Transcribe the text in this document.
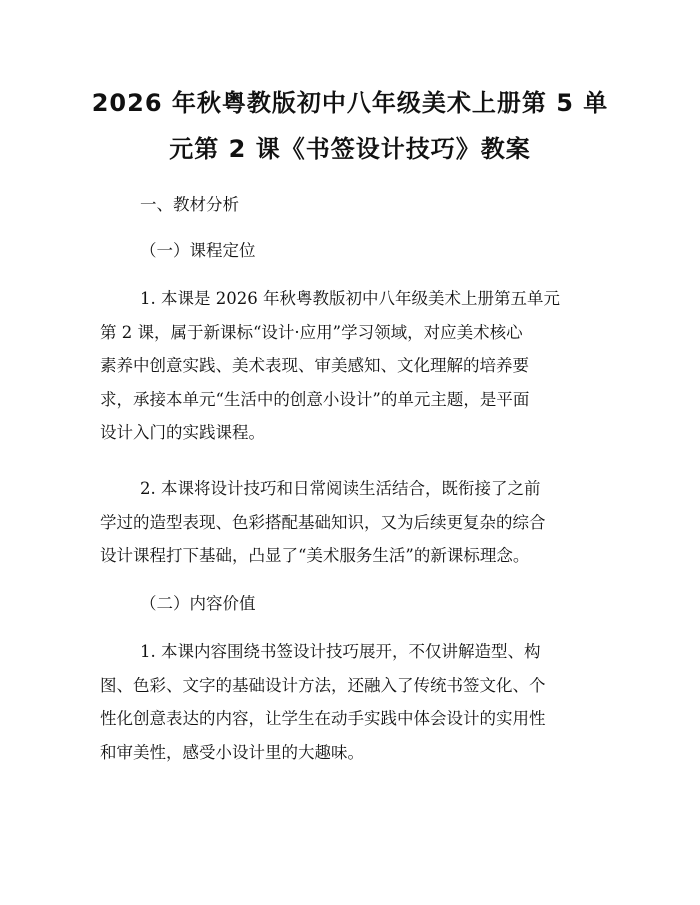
2026 年秋粤教版初中八年级美术上册第 5 单
元第 2 课《书签设计技巧》教案

一、教材分析

（一）课程定位

1. 本课是 2026 年秋粤教版初中八年级美术上册第五单元
第 2 课，属于新课标“设计·应用”学习领域，对应美术核心
素养中创意实践、美术表现、审美感知、文化理解的培养要
求，承接本单元“生活中的创意小设计”的单元主题，是平面
设计入门的实践课程。
2. 本课将设计技巧和日常阅读生活结合，既衔接了之前
学过的造型表现、色彩搭配基础知识，又为后续更复杂的综合
设计课程打下基础，凸显了“美术服务生活”的新课标理念。

（二）内容价值

1. 本课内容围绕书签设计技巧展开，不仅讲解造型、构
图、色彩、文字的基础设计方法，还融入了传统书签文化、个
性化创意表达的内容，让学生在动手实践中体会设计的实用性
和审美性，感受小设计里的大趣味。
